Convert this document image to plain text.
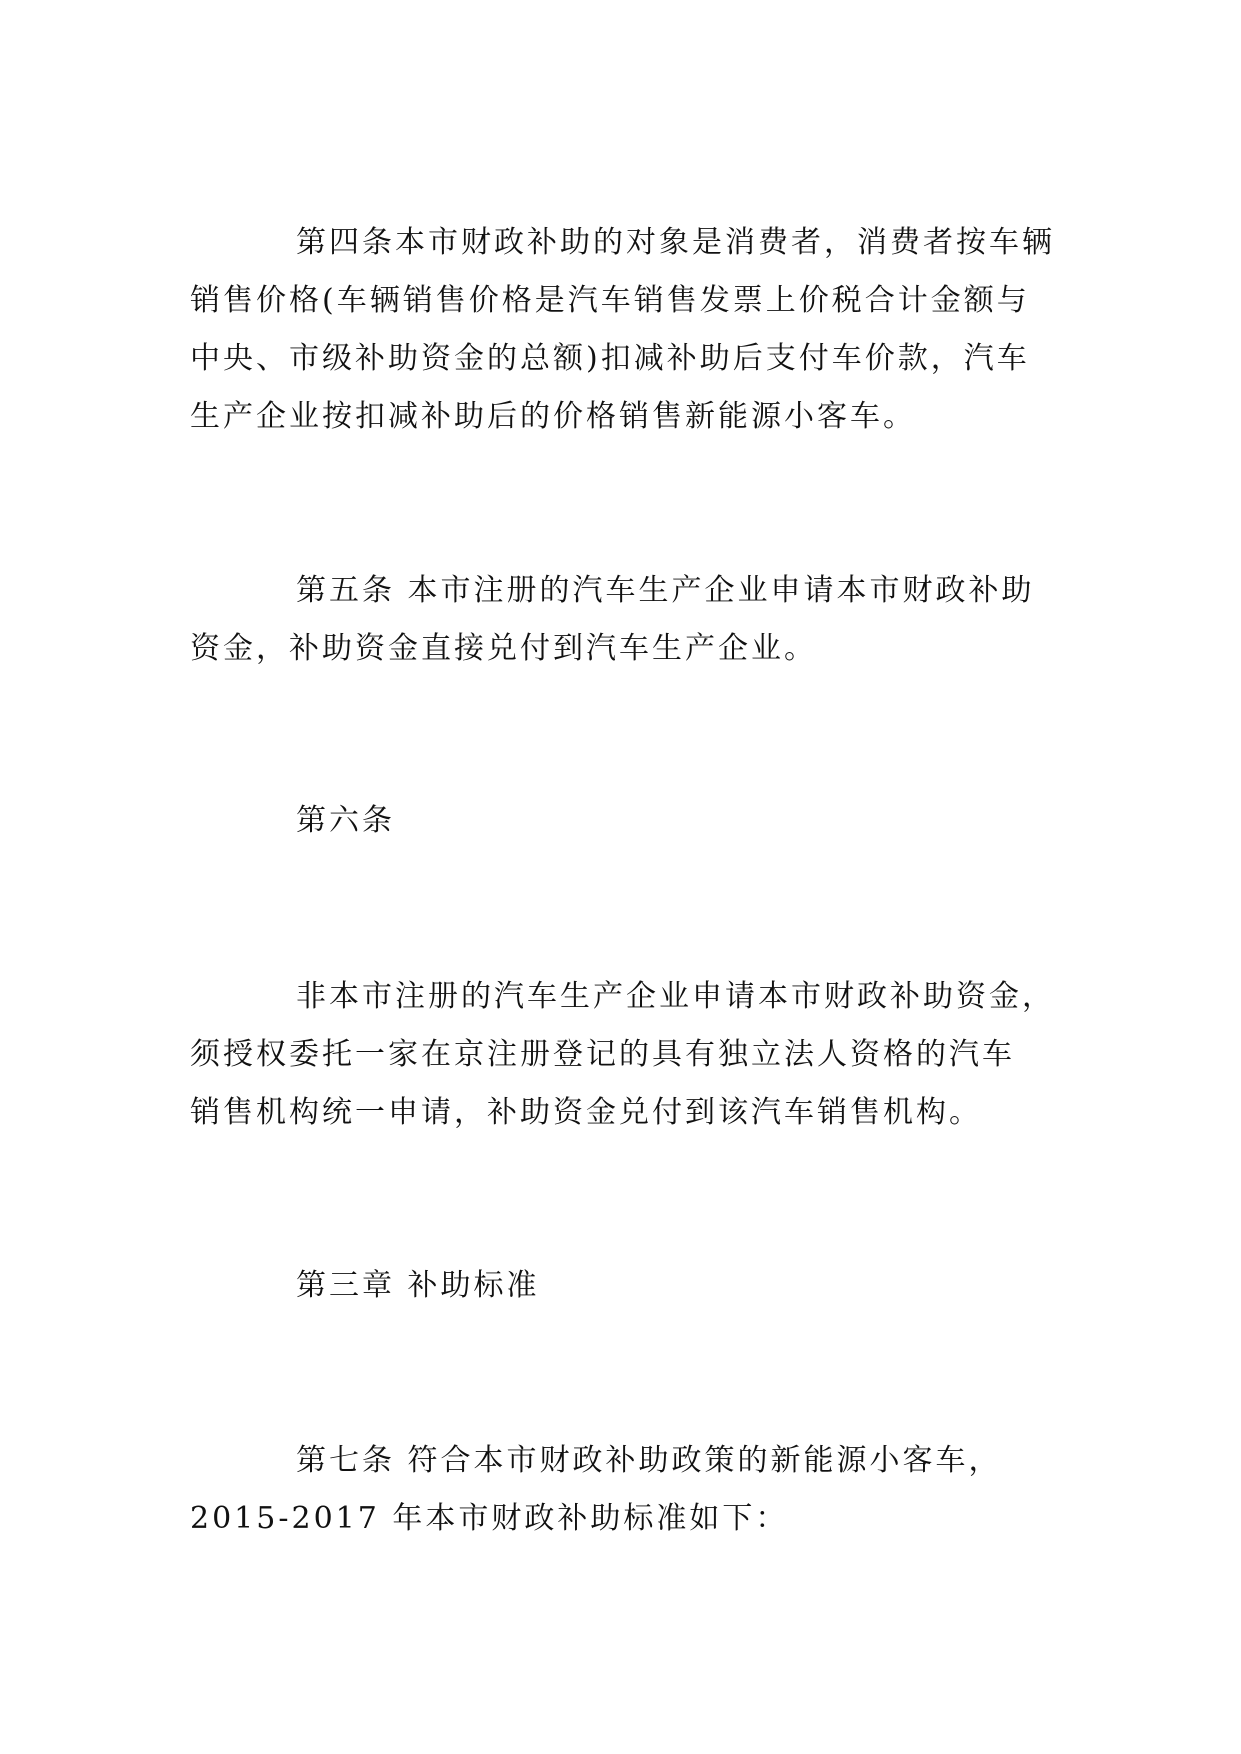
第四条本市财政补助的对象是消费者，消费者按车辆
销售价格(车辆销售价格是汽车销售发票上价税合计金额与
中央、市级补助资金的总额)扣减补助后支付车价款，汽车
生产企业按扣减补助后的价格销售新能源小客车。
第五条 本市注册的汽车生产企业申请本市财政补助
资金，补助资金直接兑付到汽车生产企业。
第六条
非本市注册的汽车生产企业申请本市财政补助资金，
须授权委托一家在京注册登记的具有独立法人资格的汽车
销售机构统一申请，补助资金兑付到该汽车销售机构。
第三章 补助标准
第七条 符合本市财政补助政策的新能源小客车，
2015-2017 年本市财政补助标准如下：
